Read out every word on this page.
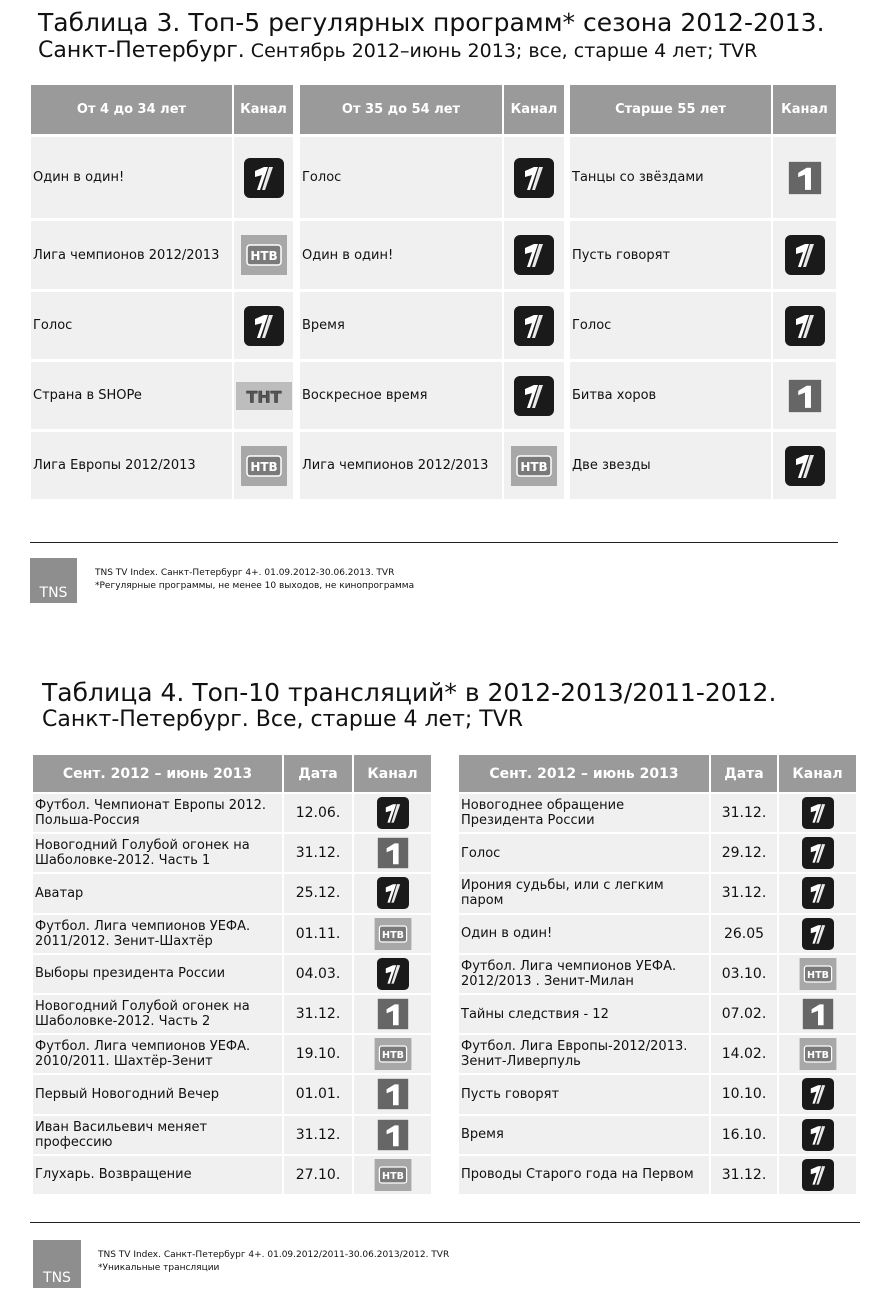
Таблица 3. Топ-5 регулярных программ* сезона 2012-2013.
Санкт-Петербург. Сентябрь 2012–июнь 2013; все, старше 4 лет; TVR
От 4 до 34 лет	Канал
Один в один!
Лига чемпионов 2012/2013	НТВ
Голос
Страна в SHOPe	ТНТ
Лига Европы 2012/2013	НТВ
От 35 до 54 лет	Канал
Голос
Один в один!
Время
Воскресное время
Лига чемпионов 2012/2013	НТВ
Старше 55 лет	Канал
Танцы со звёздами
Пусть говорят
Голос
Битва хоров
Две звезды
TNS
TNS TV Index. Санкт-Петербург 4+. 01.09.2012-30.06.2013. TVR
*Регулярные программы, не менее 10 выходов, не кинопрограмма
Таблица 4. Топ-10 трансляций* в 2012-2013/2011-2012.
Санкт-Петербург. Все, старше 4 лет; TVR
Сент. 2012 – июнь 2013	Дата	Канал
Футбол. Чемпионат Европы 2012. Польша-Россия	12.06.
Новогодний Голубой огонек на Шаболовке-2012. Часть 1	31.12.
Аватар	25.12.
Футбол. Лига чемпионов УЕФА. 2011/2012. Зенит-Шахтёр	01.11.	НТВ
Выборы президента России	04.03.
Новогодний Голубой огонек на Шаболовке-2012. Часть 2	31.12.
Футбол. Лига чемпионов УЕФА. 2010/2011. Шахтёр-Зенит	19.10.	НТВ
Первый Новогодний Вечер	01.01.
Иван Васильевич меняет профессию	31.12.
Глухарь. Возвращение	27.10.	НТВ
Сент. 2012 – июнь 2013	Дата	Канал
Новогоднее обращение Президента России	31.12.
Голос	29.12.
Ирония судьбы, или с легким паром	31.12.
Один в один!	26.05
Футбол. Лига чемпионов УЕФА. 2012/2013 . Зенит-Милан	03.10.	НТВ
Тайны следствия - 12	07.02.
Футбол. Лига Европы-2012/2013. Зенит-Ливерпуль	14.02.	НТВ
Пусть говорят	10.10.
Время	16.10.
Проводы Старого года на Первом	31.12.
TNS
TNS TV Index. Санкт-Петербург 4+. 01.09.2012/2011-30.06.2013/2012. TVR
*Уникальные трансляции
